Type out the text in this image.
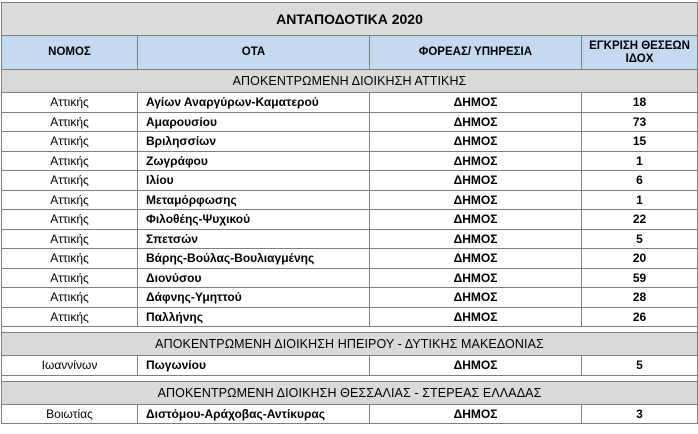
ΑΝΤΑΠΟΔΟΤΙΚΑ 2020			
ΝΟΜΟΣ	ΟΤΑ	ΦΟΡΕΑΣ/ ΥΠΗΡΕΣΙΑ	ΕΓΚΡΙΣΗ ΘΕΣΕΩΝ ΙΔΟΧ
ΑΠΟΚΕΝΤΡΩΜΕΝΗ ΔΙΟΙΚΗΣΗ ΑΤΤΙΚΗΣ			
Αττικής	Αγίων Αναργύρων-Καματερού	ΔΗΜΟΣ	18
Αττικής	Αμαρουσίου	ΔΗΜΟΣ	73
Αττικής	Βριλησσίων	ΔΗΜΟΣ	15
Αττικής	Ζωγράφου	ΔΗΜΟΣ	1
Αττικής	Ιλίου	ΔΗΜΟΣ	6
Αττικής	Μεταμόρφωσης	ΔΗΜΟΣ	1
Αττικής	Φιλοθέης-Ψυχικού	ΔΗΜΟΣ	22
Αττικής	Σπετσών	ΔΗΜΟΣ	5
Αττικής	Βάρης-Βούλας-Βουλιαγμένης	ΔΗΜΟΣ	20
Αττικής	Διονύσου	ΔΗΜΟΣ	59
Αττικής	Δάφνης-Υμηττού	ΔΗΜΟΣ	28
Αττικής	Παλλήνης	ΔΗΜΟΣ	26

ΑΠΟΚΕΝΤΡΩΜΕΝΗ ΔΙΟΙΚΗΣΗ ΗΠΕΙΡΟΥ - ΔΥΤΙΚΗΣ ΜΑΚΕΔΟΝΙΑΣ			
Ιωαννίνων	Πωγωνίου	ΔΗΜΟΣ	5

ΑΠΟΚΕΝΤΡΩΜΕΝΗ ΔΙΟΙΚΗΣΗ ΘΕΣΣΑΛΙΑΣ - ΣΤΕΡΕΑΣ ΕΛΛΑΔΑΣ			
Βοιωτίας	Διστόμου-Αράχοβας-Αντίκυρας	ΔΗΜΟΣ	3
